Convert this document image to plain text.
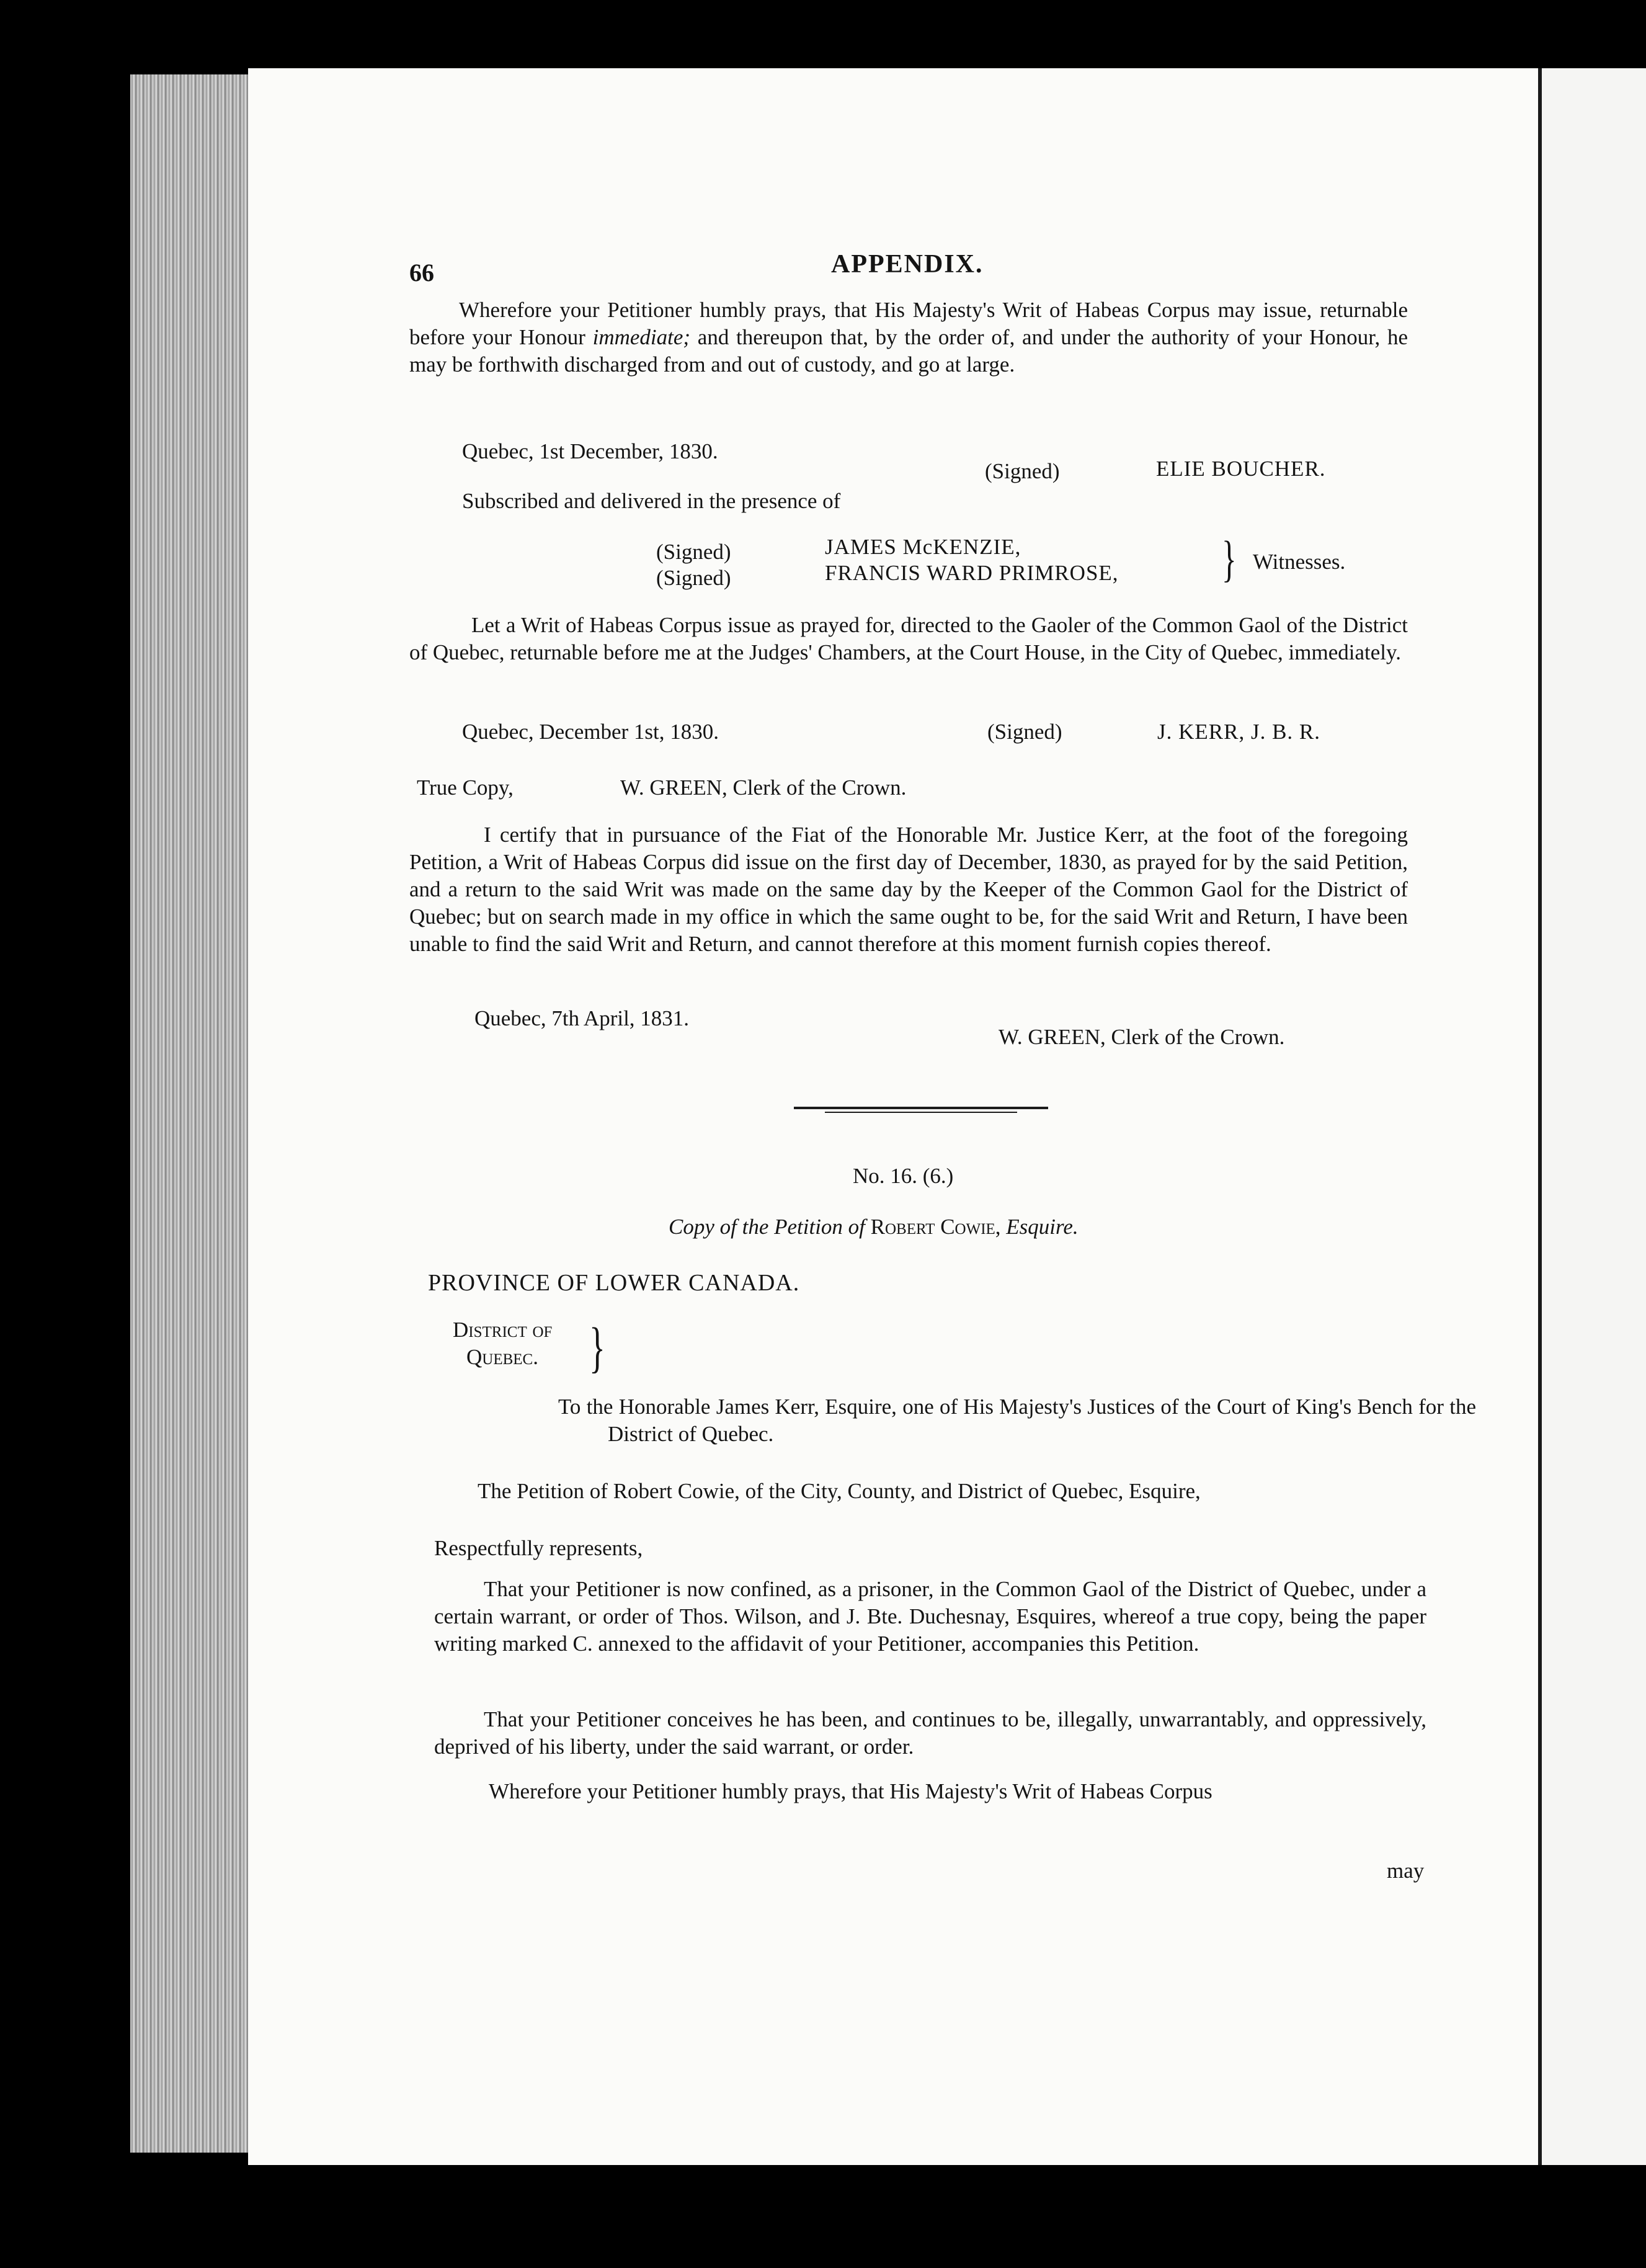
66	APPENDIX.

Wherefore your Petitioner humbly prays, that His Majesty's Writ of Habeas Corpus may issue, returnable before your Honour immediate; and thereupon that, by the order of, and under the authority of your Honour, he may be forthwith discharged from and out of custody, and go at large.

Quebec, 1st December, 1830.

(Signed)	ELIE BOUCHER.

Subscribed and delivered in the presence of

(Signed)	JAMES McKENZIE,

(Signed)	FRANCIS WARD PRIMROSE, } Witnesses.

Let a Writ of Habeas Corpus issue as prayed for, directed to the Gaoler of the Common Gaol of the District of Quebec, returnable before me at the Judges' Chambers, at the Court House, in the City of Quebec, immediately.

Quebec, December 1st, 1830.	(Signed)	J. KERR, J. B. R.

True Copy,	W. GREEN, Clerk of the Crown.

I certify that in pursuance of the Fiat of the Honorable Mr. Justice Kerr, at the foot of the foregoing Petition, a Writ of Habeas Corpus did issue on the first day of December, 1830, as prayed for by the said Petition, and a return to the said Writ was made on the same day by the Keeper of the Common Gaol for the District of Quebec; but on search made in my office in which the same ought to be, for the said Writ and Return, I have been unable to find the said Writ and Return, and cannot therefore at this moment furnish copies thereof.

Quebec, 7th April, 1831.

W. GREEN, Clerk of the Crown.

No. 16. (6.)

Copy of the Petition of Robert Cowie, Esquire.

PROVINCE OF LOWER CANADA.

District of

Quebec. }

To the Honorable James Kerr, Esquire, one of His Majesty's Justices of the Court of King's Bench for the District of Quebec.

The Petition of Robert Cowie, of the City, County, and District of Quebec, Esquire,

Respectfully represents,

That your Petitioner is now confined, as a prisoner, in the Common Gaol of the District of Quebec, under a certain warrant, or order of Thos. Wilson, and J. Bte. Duchesnay, Esquires, whereof a true copy, being the paper writing marked C. annexed to the affidavit of your Petitioner, accompanies this Petition.

That your Petitioner conceives he has been, and continues to be, illegally, unwarrantably, and oppressively, deprived of his liberty, under the said warrant, or order.

Wherefore your Petitioner humbly prays, that His Majesty's Writ of Habeas Corpus

may
